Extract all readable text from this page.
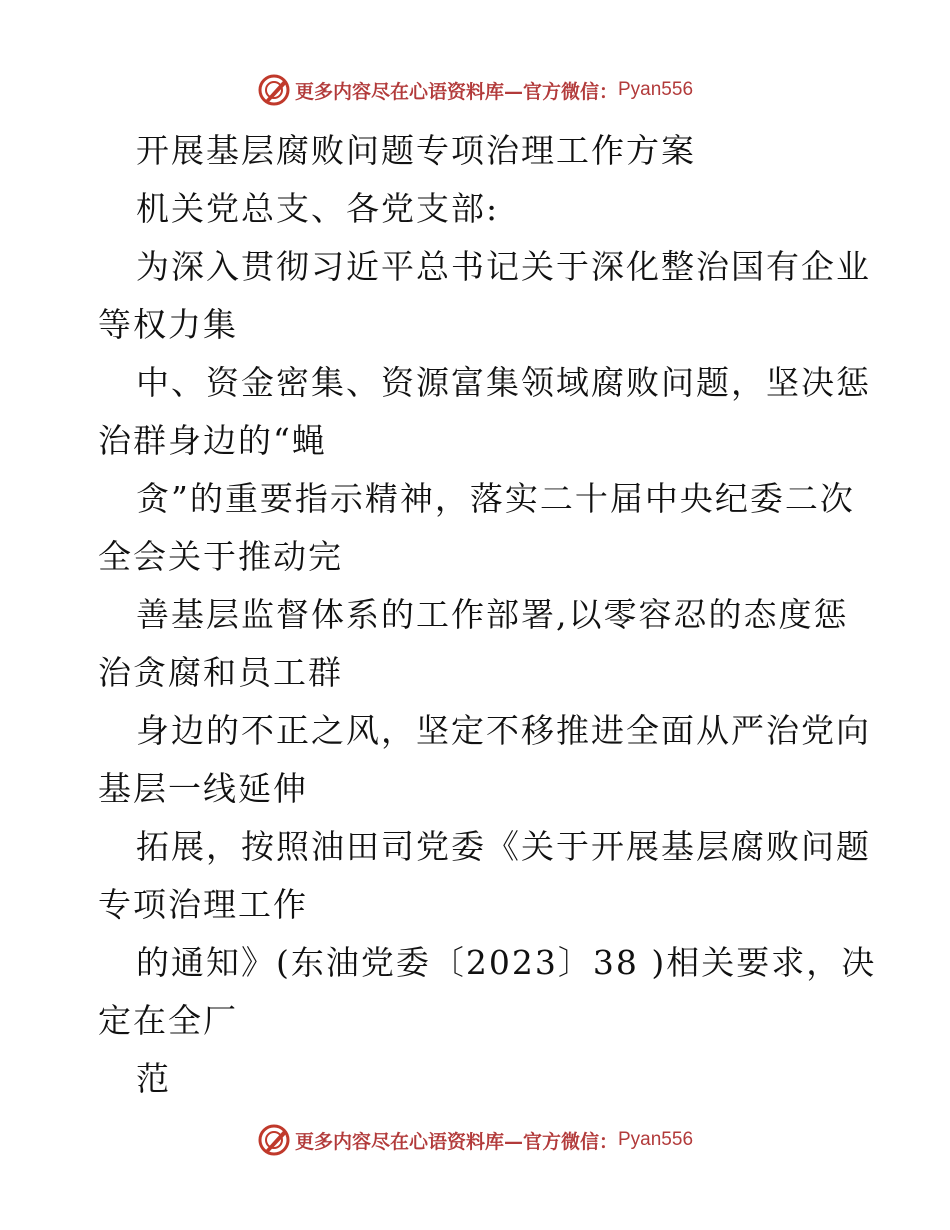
更多内容尽在心语资料库—官方微信： Pyan556
开展基层腐败问题专项治理工作方案
机关党总支、各党支部:
为深入贯彻习近平总书记关于深化整治国有企业
等权力集
中、资金密集、资源富集领域腐败问题，坚决惩
治群身边的“蝇
贪”的重要指示精神，落实二十届中央纪委二次
全会关于推动完
善基层监督体系的工作部署,以零容忍的态度惩
治贪腐和员工群
身边的不正之风，坚定不移推进全面从严治党向
基层一线延伸
拓展，按照油田司党委《关于开展基层腐败问题
专项治理工作
的通知》(东油党委〔2023〕38 )相关要求，决
定在全厂
范
更多内容尽在心语资料库—官方微信： Pyan556
